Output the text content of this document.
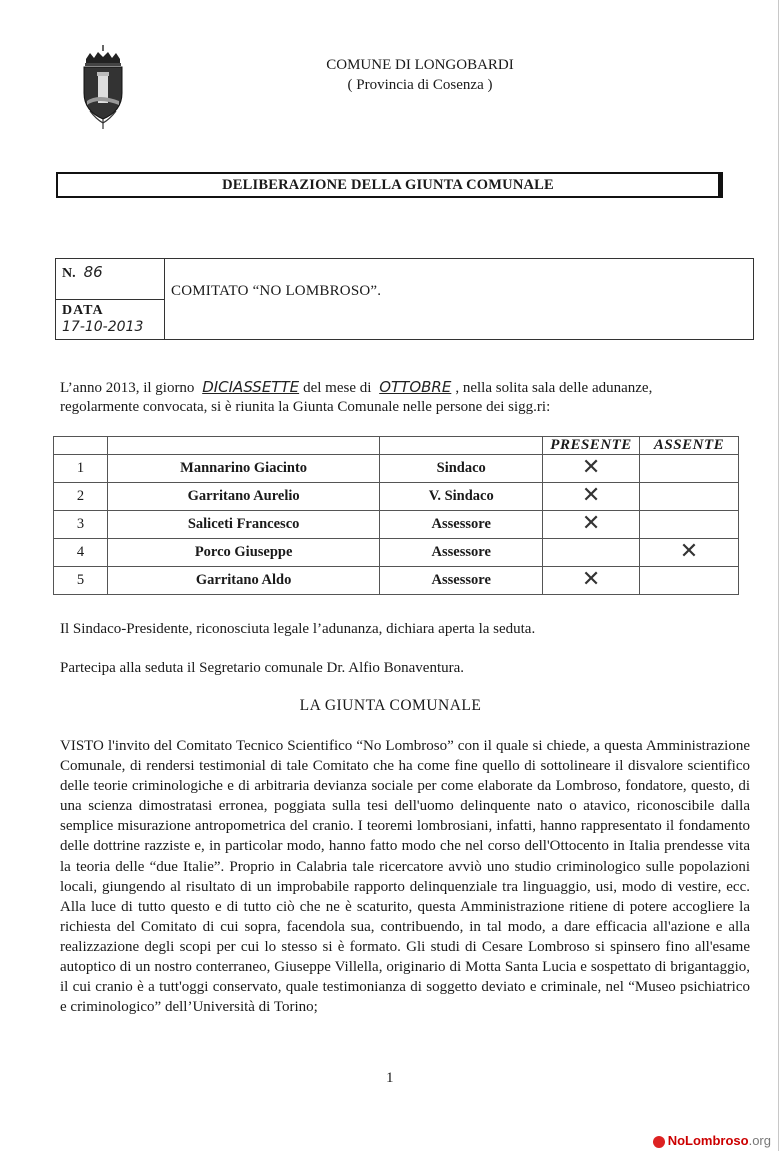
COMUNE DI LONGOBARDI
( Provincia di Cosenza )
DELIBERAZIONE DELLA GIUNTA COMUNALE
N. 86
DATA
17-10-2013
COMITATO “NO LOMBROSO”.
L’anno 2013, il giorno DICIASSETTE del mese di OTTOBRE , nella solita sala delle adunanze,
regolarmente convocata, si è riunita la Giunta Comunale nelle persone dei sigg.ri:
			PRESENTE	ASSENTE
1	Mannarino Giacinto	Sindaco	✕	
2	Garritano Aurelio	V. Sindaco	✕	
3	Saliceti Francesco	Assessore	✕	
4	Porco Giuseppe	Assessore		✕
5	Garritano Aldo	Assessore	✕	
Il Sindaco-Presidente, riconosciuta legale l’adunanza, dichiara aperta la seduta.
Partecipa alla seduta il Segretario comunale Dr. Alfio Bonaventura.
LA GIUNTA COMUNALE
VISTO l'invito del Comitato Tecnico Scientifico “No Lombroso” con il quale si chiede, a questa Amministrazione Comunale, di rendersi testimonial di tale Comitato che ha come fine quello di sottolineare il disvalore scientifico delle teorie criminologiche e di arbitraria devianza sociale per come elaborate da Lombroso, fondatore, questo, di una scienza dimostratasi erronea, poggiata sulla tesi dell'uomo delinquente nato o atavico, riconoscibile dalla semplice misurazione antropometrica del cranio. I teoremi lombrosiani, infatti, hanno rappresentato il fondamento delle dottrine razziste e, in particolar modo, hanno fatto modo che nel corso dell'Ottocento in Italia prendesse vita la teoria delle “due Italie”. Proprio in Calabria tale ricercatore avviò uno studio criminologico sulle popolazioni locali, giungendo al risultato di un improbabile rapporto delinquenziale tra linguaggio, usi, modo di vestire, ecc. Alla luce di tutto questo e di tutto ciò che ne è scaturito, questa Amministrazione ritiene di potere accogliere la richiesta del Comitato di cui sopra, facendola sua, contribuendo, in tal modo, a dare efficacia all'azione e alla realizzazione degli scopi per cui lo stesso si è formato. Gli studi di Cesare Lombroso si spinsero fino all'esame autoptico di un nostro conterraneo, Giuseppe Villella, originario di Motta Santa Lucia e sospettato di brigantaggio, il cui cranio è a tutt'oggi conservato, quale testimonianza di soggetto deviato e criminale, nel “Museo psichiatrico e criminologico” dell’Università di Torino;
1
NoLombroso.org
